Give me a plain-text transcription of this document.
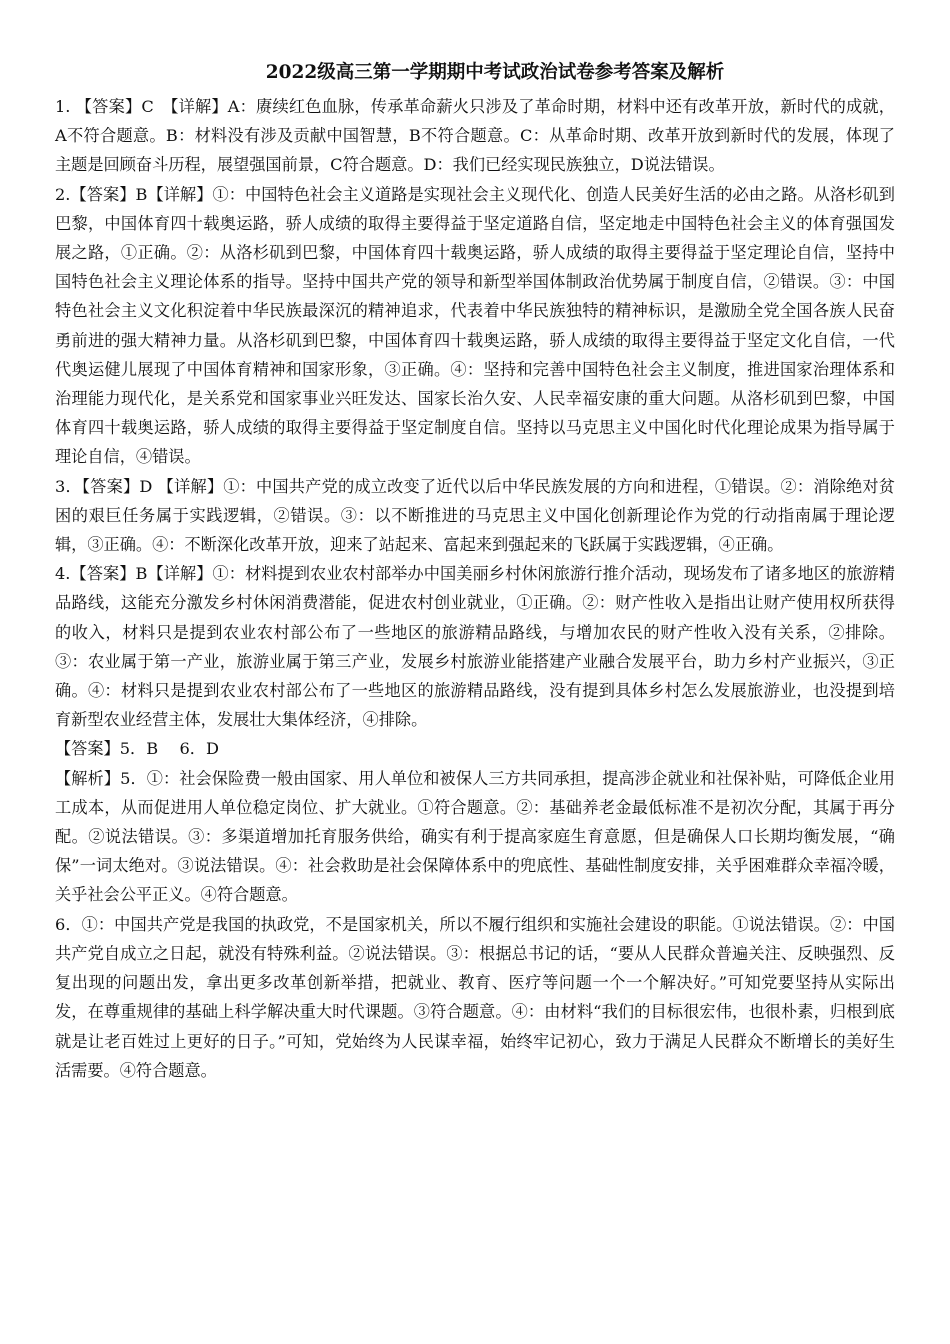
2022级高三第一学期期中考试政治试卷参考答案及解析

1. 【答案】C　【详解】A：赓续红色血脉，传承革命薪火只涉及了革命时期，材料中还有改革开放，新时代的成就，A不符合题意。B：材料没有涉及贡献中国智慧，B不符合题意。C：从革命时期、改革开放到新时代的发展，体现了主题是回顾奋斗历程，展望强国前景，C符合题意。D：我们已经实现民族独立，D说法错误。

2.【答案】B【详解】①：中国特色社会主义道路是实现社会主义现代化、创造人民美好生活的必由之路。从洛杉矶到巴黎，中国体育四十载奥运路，骄人成绩的取得主要得益于坚定道路自信，坚定地走中国特色社会主义的体育强国发展之路，①正确。②：从洛杉矶到巴黎，中国体育四十载奥运路，骄人成绩的取得主要得益于坚定理论自信，坚持中国特色社会主义理论体系的指导。坚持中国共产党的领导和新型举国体制政治优势属于制度自信，②错误。③：中国特色社会主义文化积淀着中华民族最深沉的精神追求，代表着中华民族独特的精神标识，是激励全党全国各族人民奋勇前进的强大精神力量。从洛杉矶到巴黎，中国体育四十载奥运路，骄人成绩的取得主要得益于坚定文化自信，一代代奥运健儿展现了中国体育精神和国家形象，③正确。④：坚持和完善中国特色社会主义制度，推进国家治理体系和治理能力现代化，是关系党和国家事业兴旺发达、国家长治久安、人民幸福安康的重大问题。从洛杉矶到巴黎，中国体育四十载奥运路，骄人成绩的取得主要得益于坚定制度自信。坚持以马克思主义中国化时代化理论成果为指导属于理论自信，④错误。

3．【答案】D 【详解】①：中国共产党的成立改变了近代以后中华民族发展的方向和进程，①错误。②：消除绝对贫困的艰巨任务属于实践逻辑，②错误。③：以不断推进的马克思主义中国化创新理论作为党的行动指南属于理论逻辑，③正确。④：不断深化改革开放，迎来了站起来、富起来到强起来的飞跃属于实践逻辑，④正确。

4.【答案】B【详解】①：材料提到农业农村部举办中国美丽乡村休闲旅游行推介活动，现场发布了诸多地区的旅游精品路线，这能充分激发乡村休闲消费潜能，促进农村创业就业，①正确。②：财产性收入是指出让财产使用权所获得的收入，材料只是提到农业农村部公布了一些地区的旅游精品路线，与增加农民的财产性收入没有关系，②排除。③：农业属于第一产业，旅游业属于第三产业，发展乡村旅游业能搭建产业融合发展平台，助力乡村产业振兴，③正确。④：材料只是提到农业农村部公布了一些地区的旅游精品路线，没有提到具体乡村怎么发展旅游业，也没提到培育新型农业经营主体，发展壮大集体经济，④排除。

【答案】5．B　 6．D

【解析】5．①：社会保险费一般由国家、用人单位和被保人三方共同承担，提高涉企就业和社保补贴，可降低企业用工成本，从而促进用人单位稳定岗位、扩大就业。①符合题意。②：基础养老金最低标准不是初次分配，其属于再分配。②说法错误。③：多渠道增加托育服务供给，确实有利于提高家庭生育意愿，但是确保人口长期均衡发展，“确保”一词太绝对。③说法错误。④：社会救助是社会保障体系中的兜底性、基础性制度安排，关乎困难群众幸福冷暖，关乎社会公平正义。④符合题意。

6．①：中国共产党是我国的执政党，不是国家机关，所以不履行组织和实施社会建设的职能。①说法错误。②：中国共产党自成立之日起，就没有特殊利益。②说法错误。③：根据总书记的话，“要从人民群众普遍关注、反映强烈、反复出现的问题出发，拿出更多改革创新举措，把就业、教育、医疗等问题一个一个解决好。”可知党要坚持从实际出发，在尊重规律的基础上科学解决重大时代课题。③符合题意。④：由材料“我们的目标很宏伟，也很朴素，归根到底就是让老百姓过上更好的日子。”可知，党始终为人民谋幸福，始终牢记初心，致力于满足人民群众不断增长的美好生活需要。④符合题意。
